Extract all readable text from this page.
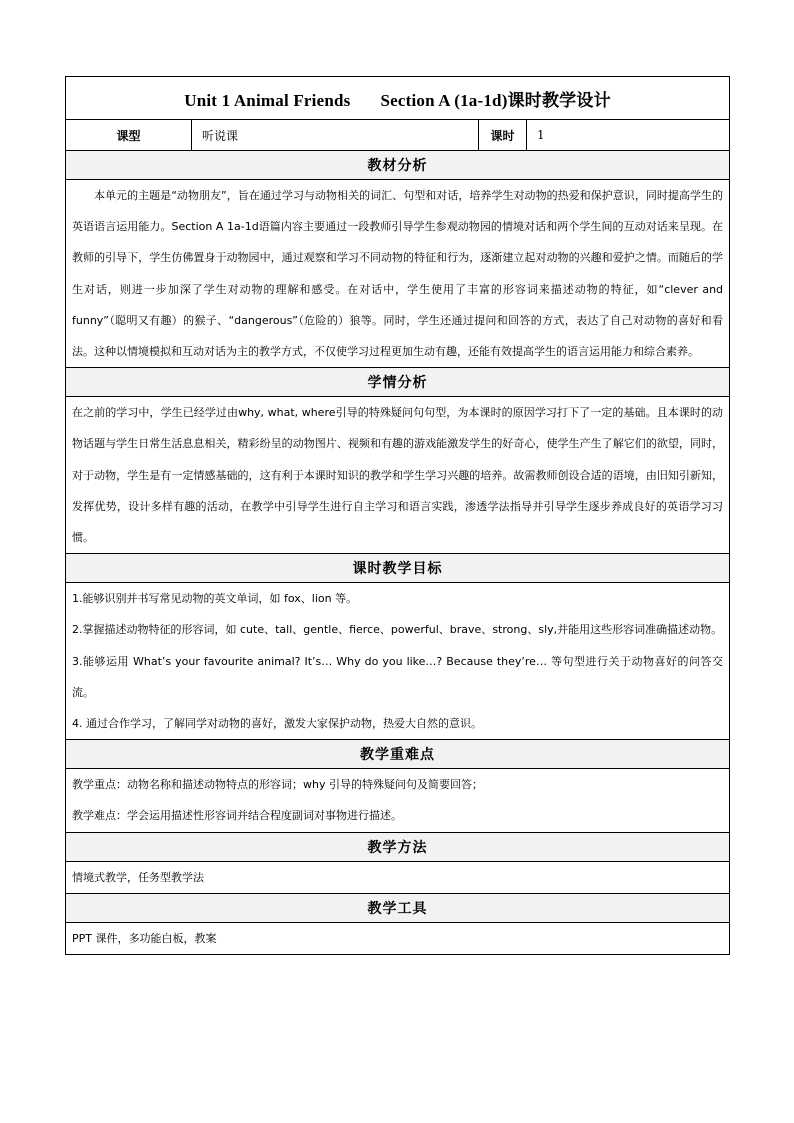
Unit 1 Animal Friends Section A (1a-1d)课时教学设计
课型	听说课	课时	1
教材分析

本单元的主题是“动物朋友”，旨在通过学习与动物相关的词汇、句型和对话，培养学生对动物的热爱和保护意识，同时提高学生的英语语言运用能力。Section A 1a-1d语篇内容主要通过一段教师引导学生参观动物园的情境对话和两个学生间的互动对话来呈现。在教师的引导下，学生仿佛置身于动物园中，通过观察和学习不同动物的特征和行为，逐渐建立起对动物的兴趣和爱护之情。而随后的学生对话，则进一步加深了学生对动物的理解和感受。在对话中，学生使用了丰富的形容词来描述动物的特征，如“clever and funny”（聪明又有趣）的猴子、“dangerous”（危险的）狼等。同时，学生还通过提问和回答的方式，表达了自己对动物的喜好和看法。这种以情境模拟和互动对话为主的教学方式，不仅使学习过程更加生动有趣，还能有效提高学生的语言运用能力和综合素养。

学情分析

在之前的学习中，学生已经学过由why, what, where引导的特殊疑问句句型，为本课时的原因学习打下了一定的基础。且本课时的动物话题与学生日常生活息息相关，精彩纷呈的动物图片、视频和有趣的游戏能激发学生的好奇心，使学生产生了解它们的欲望，同时，对于动物，学生是有一定情感基础的，这有利于本课时知识的教学和学生学习兴趣的培养。故需教师创设合适的语境，由旧知引新知，发挥优势，设计多样有趣的活动，在教学中引导学生进行自主学习和语言实践，渗透学法指导并引导学生逐步养成良好的英语学习习惯。

课时教学目标

1.能够识别并书写常见动物的英文单词，如 fox、lion 等。

2.掌握描述动物特征的形容词，如 cute、tall、gentle、fierce、powerful、brave、strong、sly,并能用这些形容词准确描述动物。

3.能够运用 What’s your favourite animal? It’s… Why do you like…? Because they’re… 等句型进行关于动物喜好的问答交流。

4. 通过合作学习，了解同学对动物的喜好，激发大家保护动物，热爱大自然的意识。

教学重难点

教学重点：动物名称和描述动物特点的形容词；why 引导的特殊疑问句及简要回答；

教学难点：学会运用描述性形容词并结合程度副词对事物进行描述。

教学方法
情境式教学，任务型教学法
教学工具
PPT 课件，多功能白板，教案
